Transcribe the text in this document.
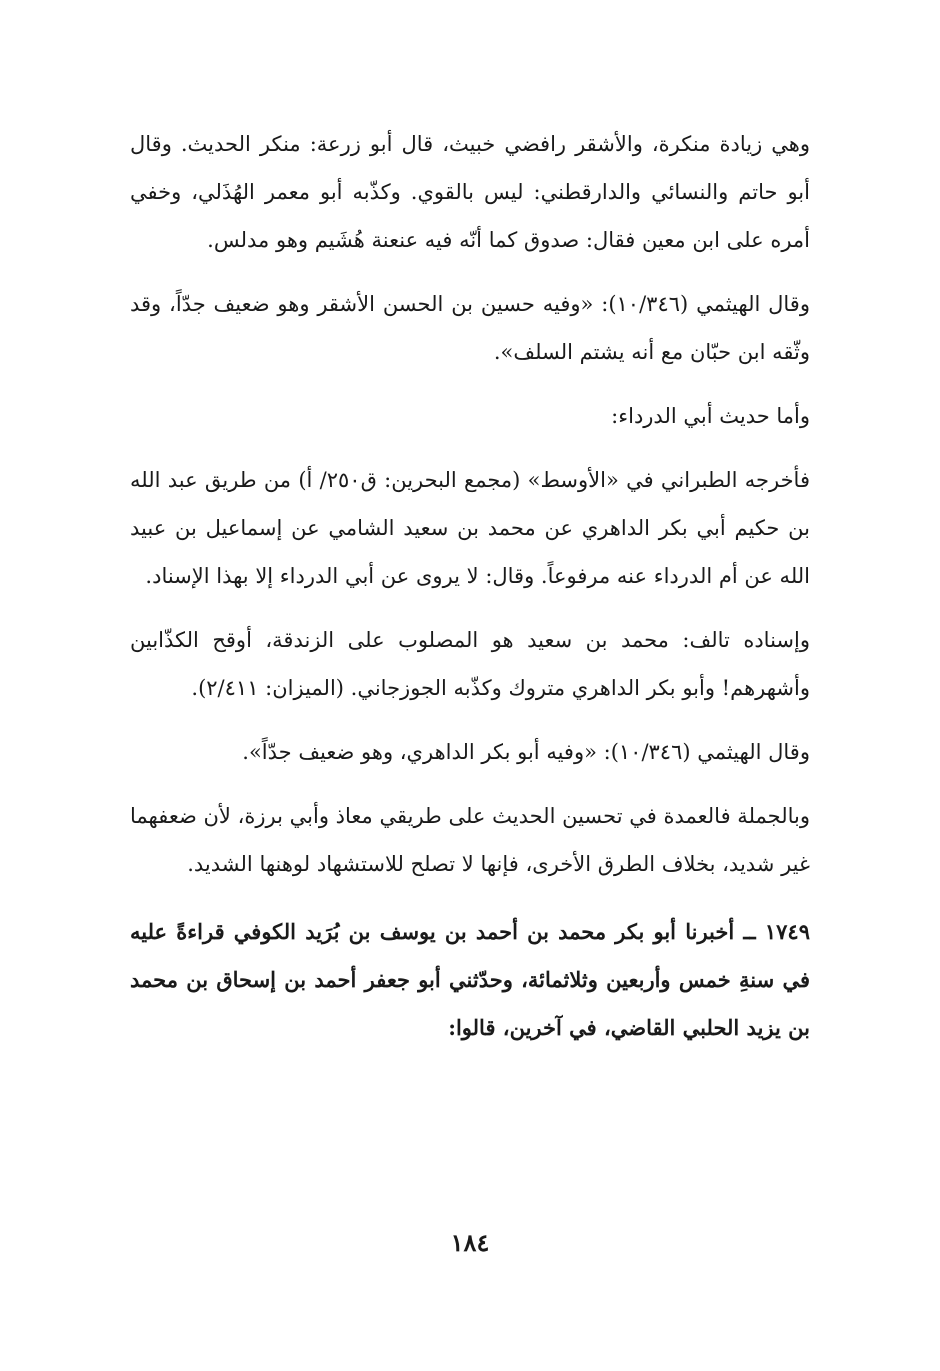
وهي زيادة منكرة، والأشقر رافضي خبيث، قال أبو زرعة: منكر الحديث. وقال أبو حاتم والنسائي والدارقطني: ليس بالقوي. وكذّبه أبو معمر الهُذَلي، وخفي أمره على ابن معين فقال: صدوق كما أنّه فيه عنعنة هُشَيم وهو مدلس.

وقال الهيثمي (١٠/٣٤٦): «وفيه حسين بن الحسن الأشقر وهو ضعيف جدّاً، وقد وثّقه ابن حبّان مع أنه يشتم السلف».

وأما حديث أبي الدرداء:

فأخرجه الطبراني في «الأوسط» (مجمع البحرين: ق٢٥٠/ أ) من طريق عبد الله بن حكيم أبي بكر الداهري عن محمد بن سعيد الشامي عن إسماعيل بن عبيد الله عن أم الدرداء عنه مرفوعاً. وقال: لا يروى عن أبي الدرداء إلا بهذا الإسناد.

وإسناده تالف: محمد بن سعيد هو المصلوب على الزندقة، أوقح الكذّابين وأشهرهم! وأبو بكر الداهري متروك وكذّبه الجوزجاني. (الميزان: ٢/٤١١).

وقال الهيثمي (١٠/٣٤٦): «وفيه أبو بكر الداهري، وهو ضعيف جدّاً».

وبالجملة فالعمدة في تحسين الحديث على طريقي معاذ وأبي برزة، لأن ضعفهما غير شديد، بخلاف الطرق الأخرى، فإنها لا تصلح للاستشهاد لوهنها الشديد.

١٧٤٩ ــ أخبرنا أبو بكر محمد بن أحمد بن يوسف بن بُرَيد الكوفي قراءةً عليه في سنةِ خمس وأربعين وثلاثمائة، وحدّثني أبو جعفر أحمد بن إسحاق بن محمد بن يزيد الحلبي القاضي، في آخرين، قالوا:

١٨٤
